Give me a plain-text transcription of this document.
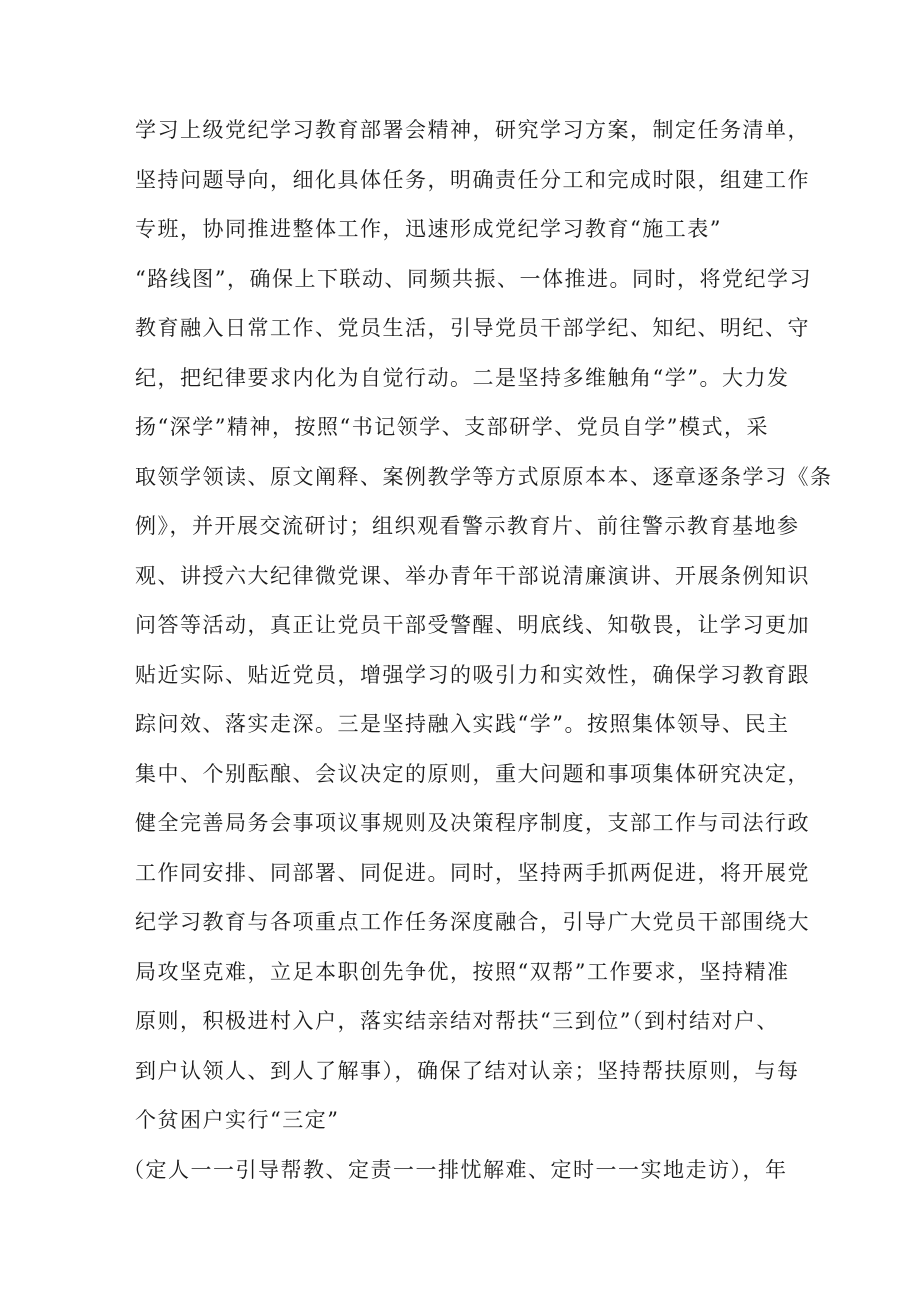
学习上级党纪学习教育部署会精神，研究学习方案，制定任务清单，
坚持问题导向，细化具体任务，明确责任分工和完成时限，组建工作
专班，协同推进整体工作，迅速形成党纪学习教育“施工表”
“路线图”，确保上下联动、同频共振、一体推进。同时，将党纪学习
教育融入日常工作、党员生活，引导党员干部学纪、知纪、明纪、守
纪，把纪律要求内化为自觉行动。二是坚持多维触角“学”。大力发
扬“深学”精神，按照“书记领学、支部研学、党员自学”模式，采
取领学领读、原文阐释、案例教学等方式原原本本、逐章逐条学习《条
例》，并开展交流研讨；组织观看警示教育片、前往警示教育基地参
观、讲授六大纪律微党课、举办青年干部说清廉演讲、开展条例知识
问答等活动，真正让党员干部受警醒、明底线、知敬畏，让学习更加
贴近实际、贴近党员，增强学习的吸引力和实效性，确保学习教育跟
踪问效、落实走深。三是坚持融入实践“学”。按照集体领导、民主
集中、个别酝酿、会议决定的原则，重大问题和事项集体研究决定，
健全完善局务会事项议事规则及决策程序制度，支部工作与司法行政
工作同安排、同部署、同促进。同时，坚持两手抓两促进，将开展党
纪学习教育与各项重点工作任务深度融合，引导广大党员干部围绕大
局攻坚克难，立足本职创先争优，按照“双帮”工作要求，坚持精准
原则，积极进村入户，落实结亲结对帮扶“三到位”（到村结对户、
到户认领人、到人了解事），确保了结对认亲；坚持帮扶原则，与每
个贫困户实行“三定”
（定人一一引导帮教、定责一一排忧解难、定时一一实地走访），年
